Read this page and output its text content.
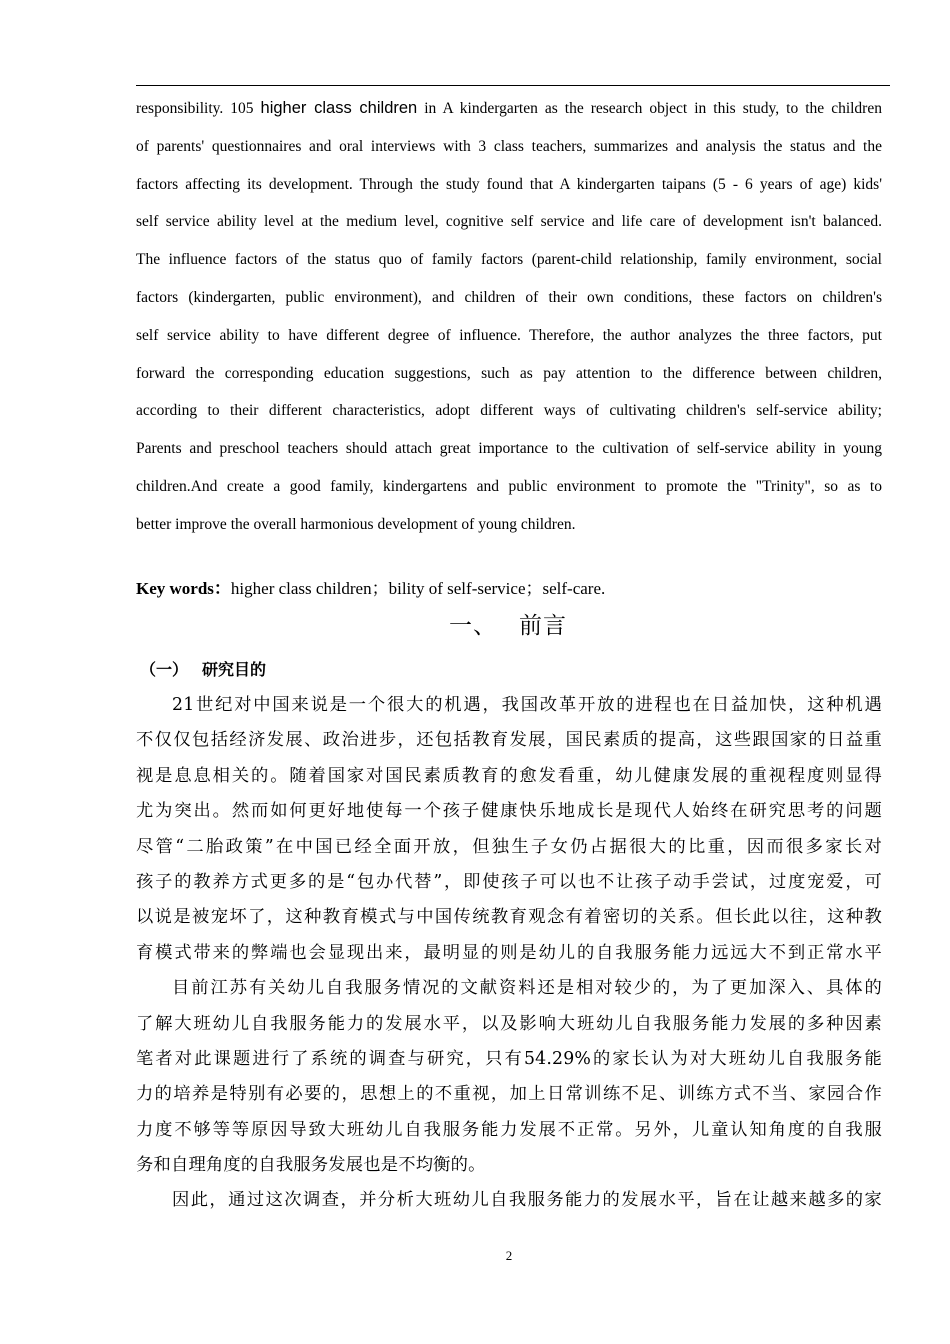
responsibility. 105 higher class children in A kindergarten as the research object in this study, to the children
of parents' questionnaires and oral interviews with 3 class teachers, summarizes and analysis the status and the
factors affecting its development. Through the study found that A kindergarten taipans (5 - 6 years of age) kids'
self service ability level at the medium level, cognitive self service and life care of development isn't balanced.
The influence factors of the status quo of family factors (parent-child relationship, family environment, social
factors (kindergarten, public environment), and children of their own conditions, these factors on children's
self service ability to have different degree of influence. Therefore, the author analyzes the three factors, put
forward the corresponding education suggestions, such as pay attention to the difference between children,
according to their different characteristics, adopt different ways of cultivating children's self-service ability;
Parents and preschool teachers should attach great importance to the cultivation of self-service ability in young
children.And create a good family, kindergartens and public environment to promote the "Trinity", so as to
better improve the overall harmonious development of young children.
Key words：higher class children；bility of self-service；self-care.
一、 前言
（一） 研究目的
21世纪对中国来说是一个很大的机遇，我国改革开放的进程也在日益加快，这种机遇
不仅仅包括经济发展、政治进步，还包括教育发展，国民素质的提高，这些跟国家的日益重
视是息息相关的。随着国家对国民素质教育的愈发看重，幼儿健康发展的重视程度则显得
尤为突出。然而如何更好地使每一个孩子健康快乐地成长是现代人始终在研究思考的问题
尽管“二胎政策”在中国已经全面开放，但独生子女仍占据很大的比重，因而很多家长对
孩子的教养方式更多的是“包办代替”，即使孩子可以也不让孩子动手尝试，过度宠爱，可
以说是被宠坏了，这种教育模式与中国传统教育观念有着密切的关系。但长此以往，这种教
育模式带来的弊端也会显现出来，最明显的则是幼儿的自我服务能力远远大不到正常水平
目前江苏有关幼儿自我服务情况的文献资料还是相对较少的，为了更加深入、具体的
了解大班幼儿自我服务能力的发展水平，以及影响大班幼儿自我服务能力发展的多种因素
笔者对此课题进行了系统的调查与研究，只有54.29%的家长认为对大班幼儿自我服务能
力的培养是特别有必要的，思想上的不重视，加上日常训练不足、训练方式不当、家园合作
力度不够等等原因导致大班幼儿自我服务能力发展不正常。另外，儿童认知角度的自我服
务和自理角度的自我服务发展也是不均衡的。
因此，通过这次调查，并分析大班幼儿自我服务能力的发展水平，旨在让越来越多的家
2
